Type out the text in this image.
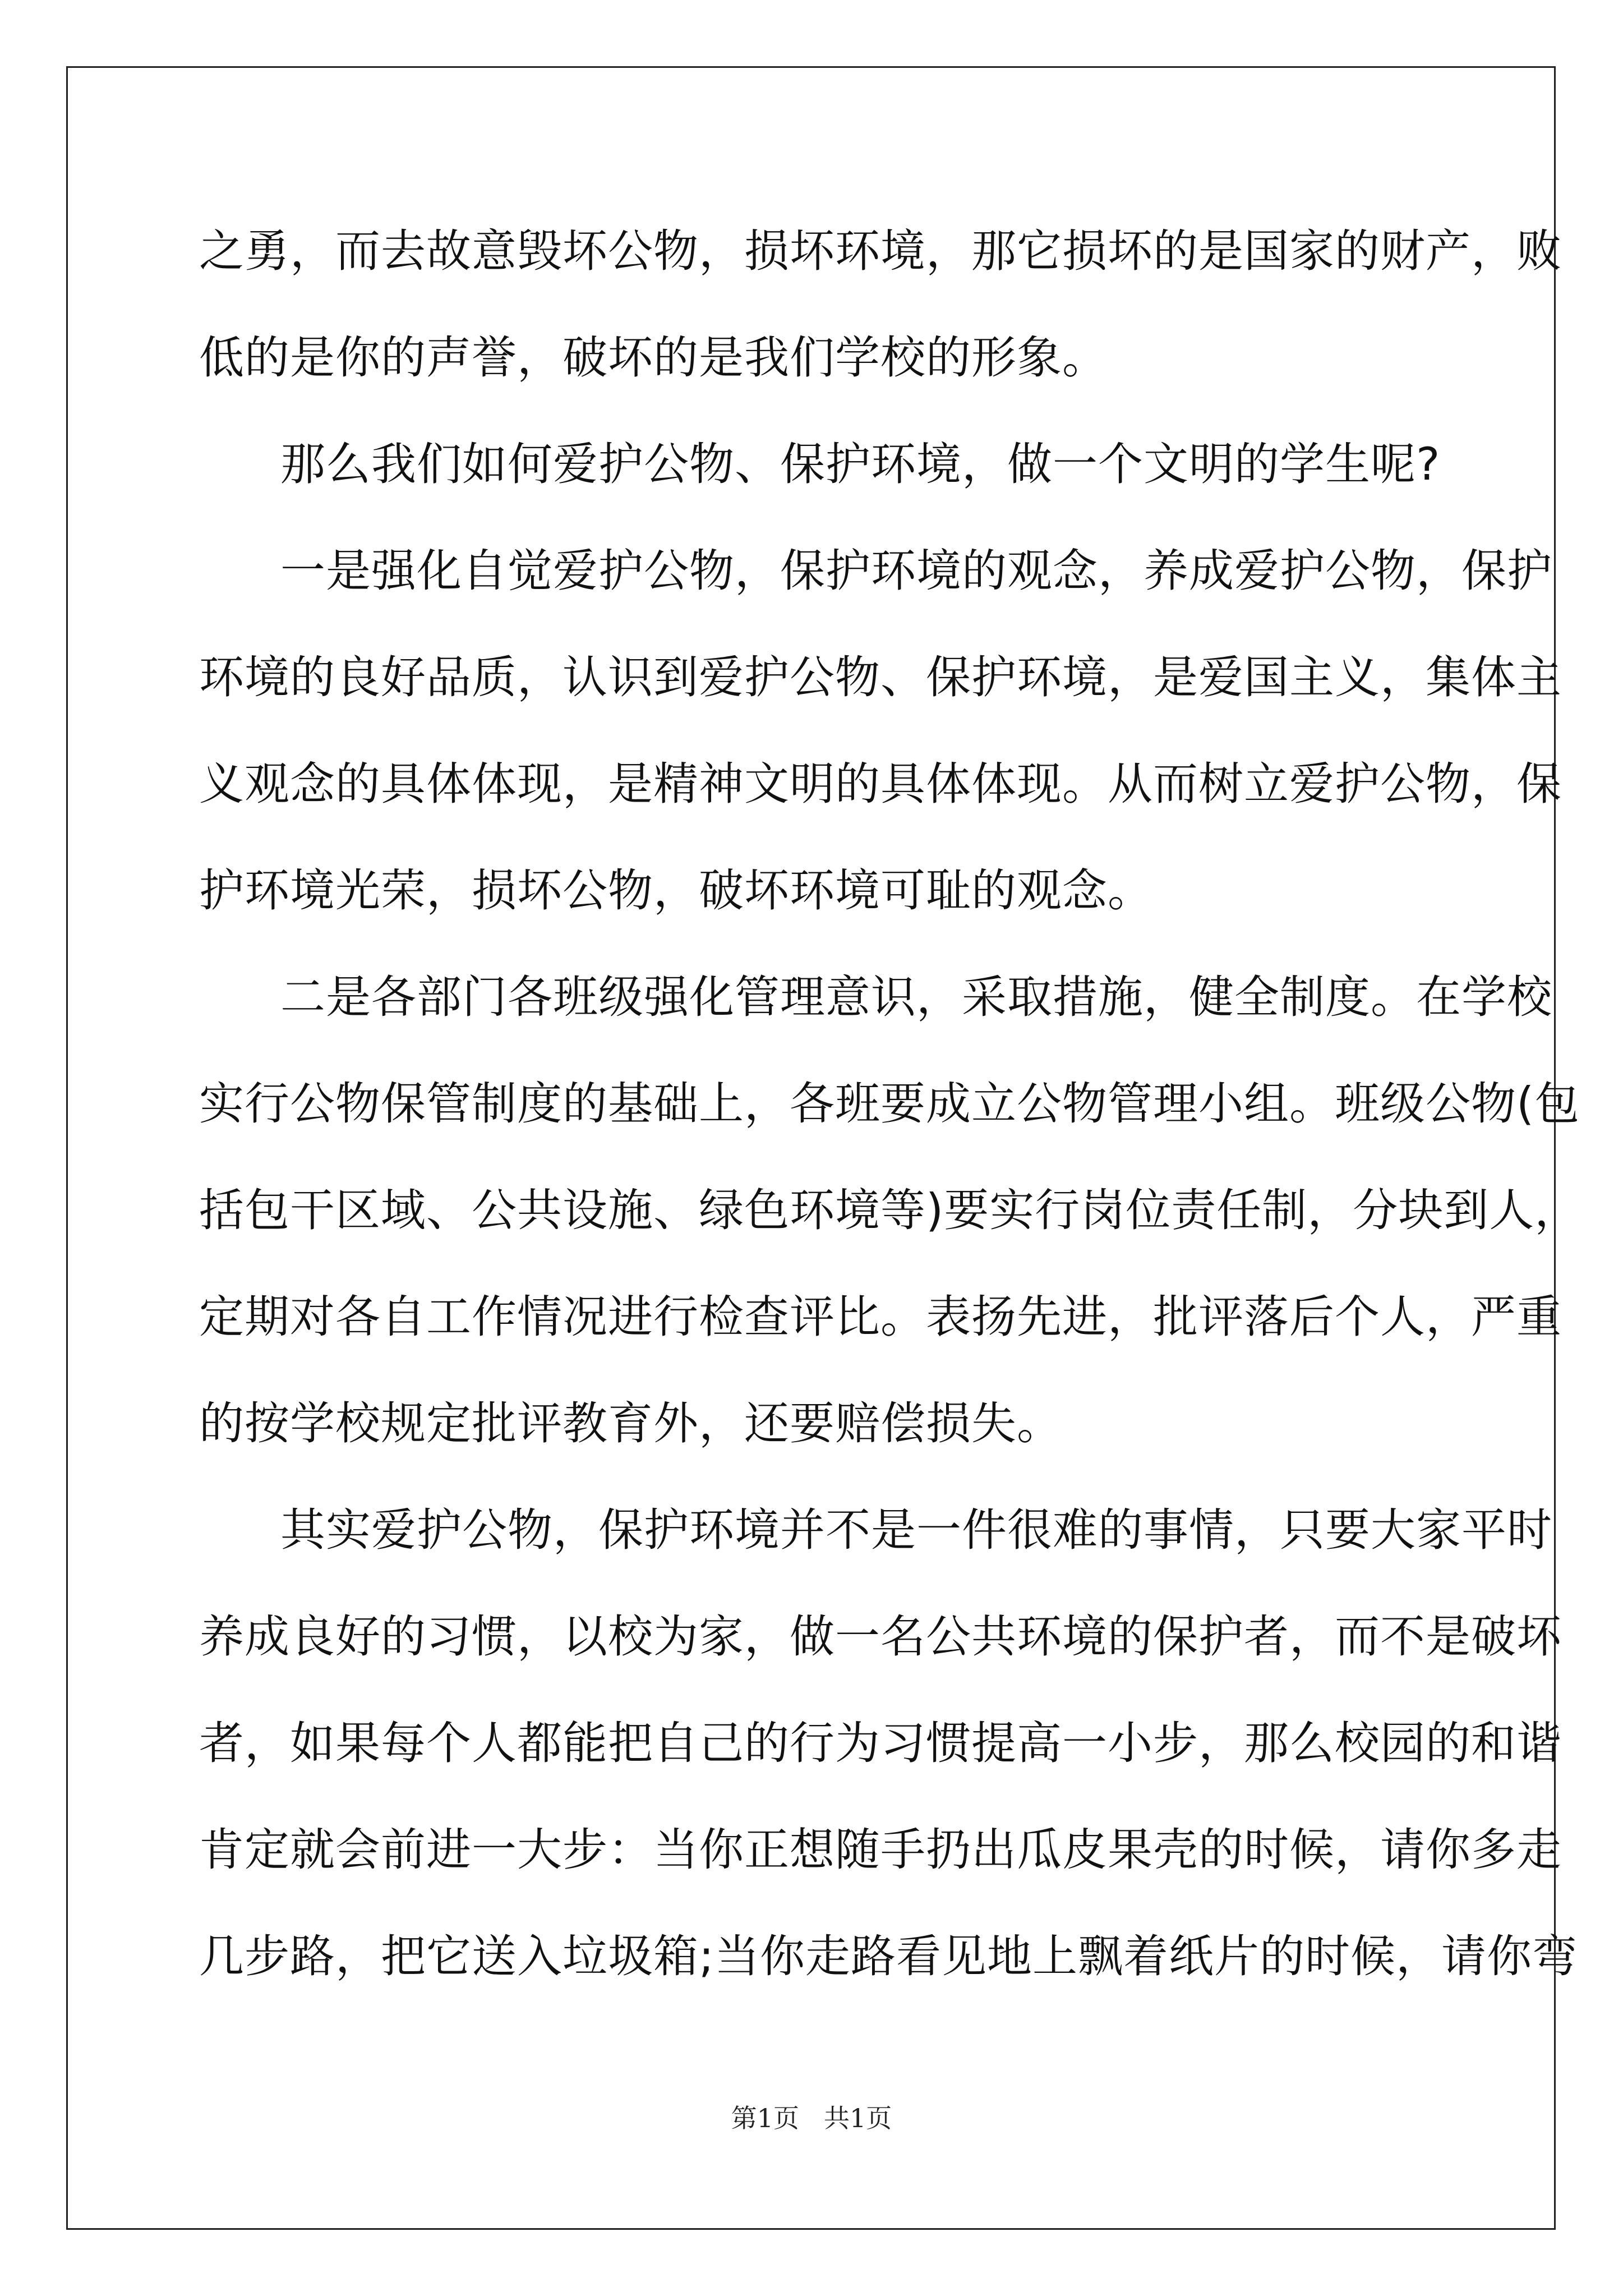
之勇，而去故意毁坏公物，损坏环境，那它损坏的是国家的财产，败
低的是你的声誉，破坏的是我们学校的形象。
那么我们如何爱护公物、保护环境，做一个文明的学生呢?
一是强化自觉爱护公物，保护环境的观念，养成爱护公物，保护
环境的良好品质，认识到爱护公物、保护环境，是爱国主义，集体主
义观念的具体体现，是精神文明的具体体现。从而树立爱护公物，保
护环境光荣，损坏公物，破坏环境可耻的观念。
二是各部门各班级强化管理意识，采取措施，健全制度。在学校
实行公物保管制度的基础上，各班要成立公物管理小组。班级公物(包
括包干区域、公共设施、绿色环境等)要实行岗位责任制，分块到人，
定期对各自工作情况进行检查评比。表扬先进，批评落后个人，严重
的按学校规定批评教育外，还要赔偿损失。
其实爱护公物，保护环境并不是一件很难的事情，只要大家平时
养成良好的习惯，以校为家，做一名公共环境的保护者，而不是破坏
者，如果每个人都能把自己的行为习惯提高一小步，那么校园的和谐
肯定就会前进一大步：当你正想随手扔出瓜皮果壳的时候，请你多走
几步路，把它送入垃圾箱;当你走路看见地上飘着纸片的时候，请你弯
第1页 共1页
